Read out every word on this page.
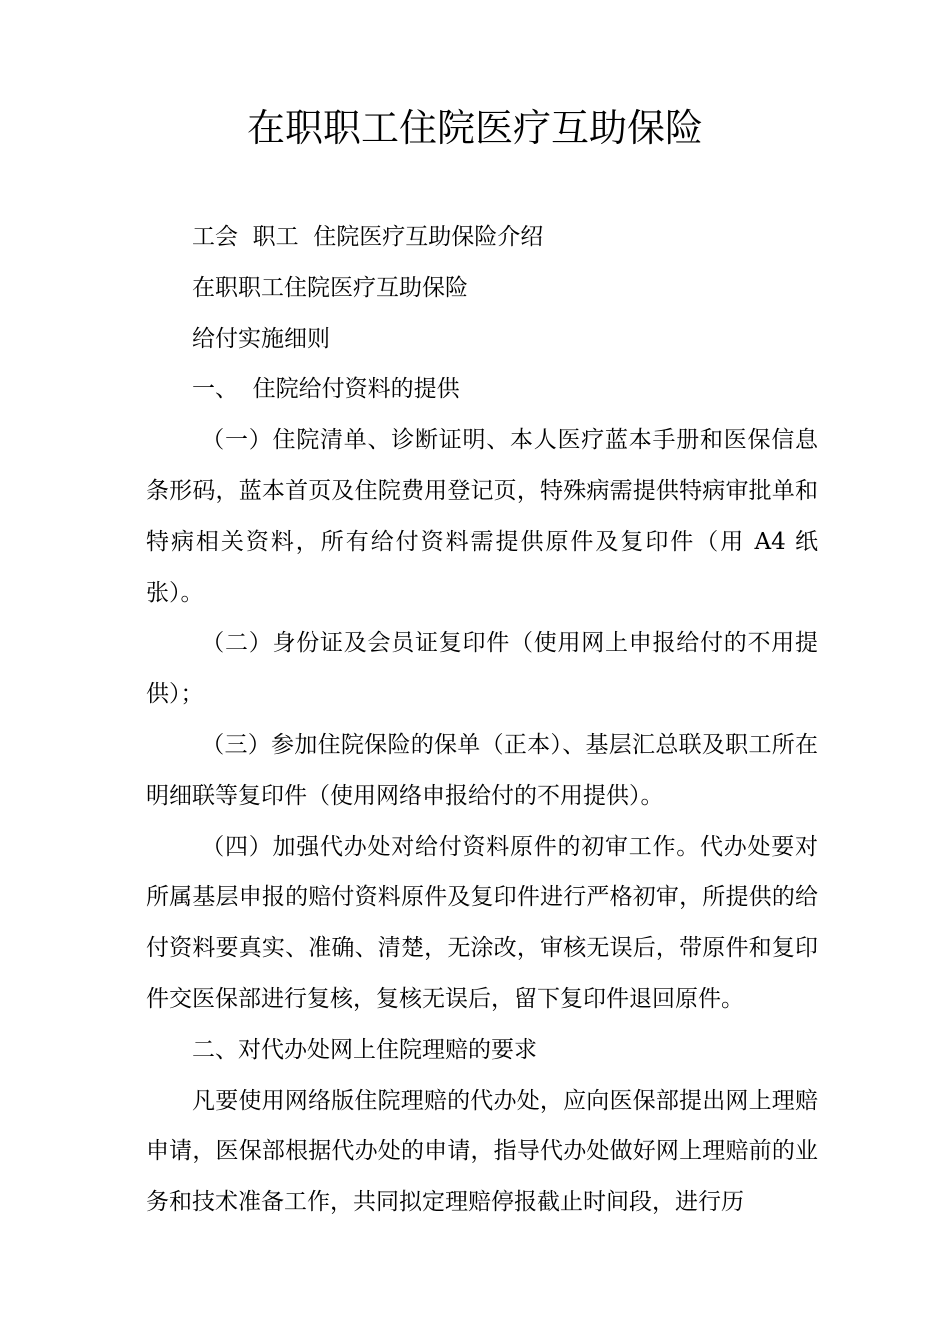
在职职工住院医疗互助保险

工会  职工  住院医疗互助保险介绍

在职职工住院医疗互助保险

给付实施细则

一、  住院给付资料的提供

（一）住院清单、诊断证明、本人医疗蓝本手册和医保信息条形码，蓝本首页及住院费用登记页，特殊病需提供特病审批单和特病相关资料，所有给付资料需提供原件及复印件（用 A4 纸张）。

（二）身份证及会员证复印件（使用网上申报给付的不用提供）；

（三）参加住院保险的保单（正本）、基层汇总联及职工所在明细联等复印件（使用网络申报给付的不用提供）。

（四）加强代办处对给付资料原件的初审工作。代办处要对所属基层申报的赔付资料原件及复印件进行严格初审，所提供的给付资料要真实、准确、清楚，无涂改，审核无误后，带原件和复印件交医保部进行复核，复核无误后，留下复印件退回原件。

二、对代办处网上住院理赔的要求

凡要使用网络版住院理赔的代办处，应向医保部提出网上理赔申请，医保部根据代办处的申请，指导代办处做好网上理赔前的业务和技术准备工作，共同拟定理赔停报截止时间段，进行历
